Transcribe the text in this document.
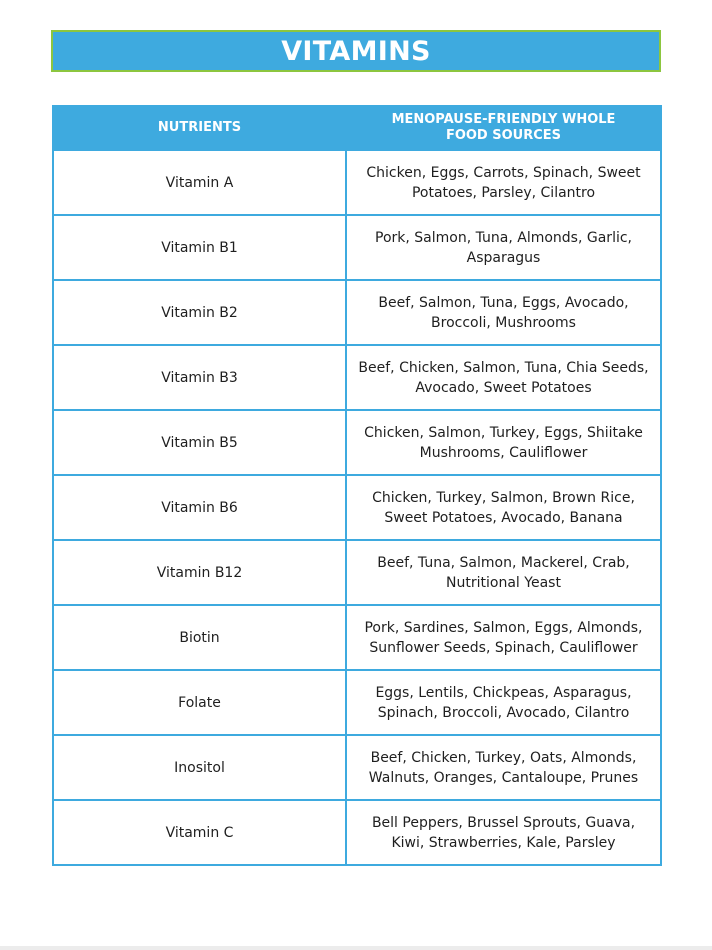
VITAMINS
NUTRIENTS	MENOPAUSE-FRIENDLY WHOLE FOOD SOURCES
Vitamin A	Chicken, Eggs, Carrots, Spinach, Sweet Potatoes, Parsley, Cilantro
Vitamin B1	Pork, Salmon, Tuna, Almonds, Garlic, Asparagus
Vitamin B2	Beef, Salmon, Tuna, Eggs, Avocado, Broccoli, Mushrooms
Vitamin B3	Beef, Chicken, Salmon, Tuna, Chia Seeds, Avocado, Sweet Potatoes
Vitamin B5	Chicken, Salmon, Turkey, Eggs, Shiitake Mushrooms, Cauliflower
Vitamin B6	Chicken, Turkey, Salmon, Brown Rice, Sweet Potatoes, Avocado, Banana
Vitamin B12	Beef, Tuna, Salmon, Mackerel, Crab, Nutritional Yeast
Biotin	Pork, Sardines, Salmon, Eggs, Almonds, Sunflower Seeds, Spinach, Cauliflower
Folate	Eggs, Lentils, Chickpeas, Asparagus, Spinach, Broccoli, Avocado, Cilantro
Inositol	Beef, Chicken, Turkey, Oats, Almonds, Walnuts, Oranges, Cantaloupe, Prunes
Vitamin C	Bell Peppers, Brussel Sprouts, Guava, Kiwi, Strawberries, Kale, Parsley
